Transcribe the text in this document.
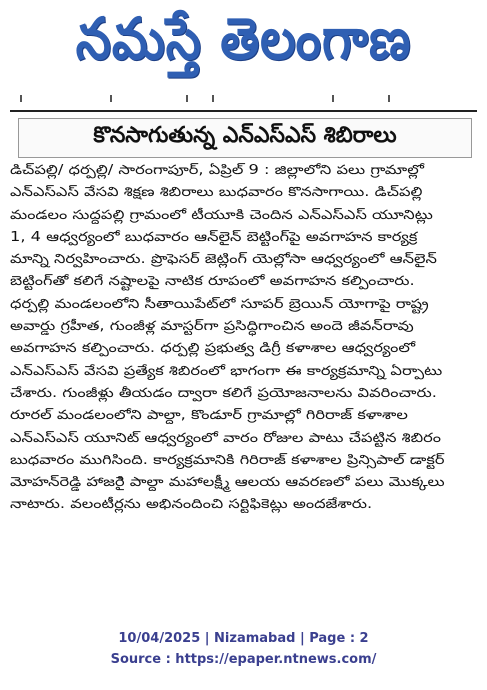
నమస్తే తెలంగాణ
కొనసాగుతున్న ఎన్ఎస్ఎస్ శిబిరాలు
డిచ్‌పల్లి/ ధర్పల్లి/ సారంగాపూర్, ఏప్రిల్ 9 : జిల్లాలోని పలు గ్రామాల్లో
ఎన్ఎస్ఎస్ వేసవి శిక్షణ శిబిరాలు బుధవారం కొనసాగాయి. డిచ్‌పల్లి
మండలం సుద్దపల్లి గ్రామంలో టీయూకి చెందిన ఎన్ఎస్ఎస్ యూనిట్లు
1, 4 ఆధ్వర్యంలో బుధవారం ఆన్‌లైన్ బెట్టింగ్‌పై అవగాహన కార్యక్ర
మాన్ని నిర్వహించారు. ప్రొఫెసర్ జెట్లింగ్ యెల్లోసా ఆధ్వర్యంలో ఆన్‌లైన్
బెట్టింగ్‌తో కలిగే నష్టాలపై నాటిక రూపంలో అవగాహన కల్పించారు.
ధర్పల్లి మండలంలోని సీతాయిపేట్‌లో సూపర్ బ్రెయిన్ యోగాపై రాష్ట్ర
అవార్డు గ్రహీత, గుంజీళ్ల మాస్టర్‌గా ప్రసిద్ధిగాంచిన అందె జీవన్‌రావు
అవగాహన కల్పించారు. ధర్పల్లి ప్రభుత్వ డిగ్రీ కళాశాల ఆధ్వర్యంలో
ఎన్ఎస్ఎస్ వేసవి ప్రత్యేక శిబిరంలో భాగంగా ఈ కార్యక్రమాన్ని ఏర్పాటు
చేశారు. గుంజీళ్లు తీయడం ద్వారా కలిగే ప్రయోజనాలను వివరించారు.
రూరల్ మండలంలోని పాల్దా, కొండూర్ గ్రామాల్లో గిరిరాజ్ కళాశాల
ఎన్ఎస్ఎస్ యూనిట్ ఆధ్వర్యంలో వారం రోజుల పాటు చేపట్టిన శిబిరం
బుధవారం ముగిసింది. కార్యక్రమానికి గిరిరాజ్ కళాశాల ప్రిన్సిపాల్ డాక్టర్
మోహన్‌రెడ్డి హాజరైి పాల్దా మహాలక్ష్మీ ఆలయ ఆవరణలో పలు మొక్కలు
నాటారు. వలంటీర్లను అభినందించి సర్టిఫికెట్లు అందజేశారు.
10/04/2025 | Nizamabad | Page : 2
Source : https://epaper.ntnews.com/
